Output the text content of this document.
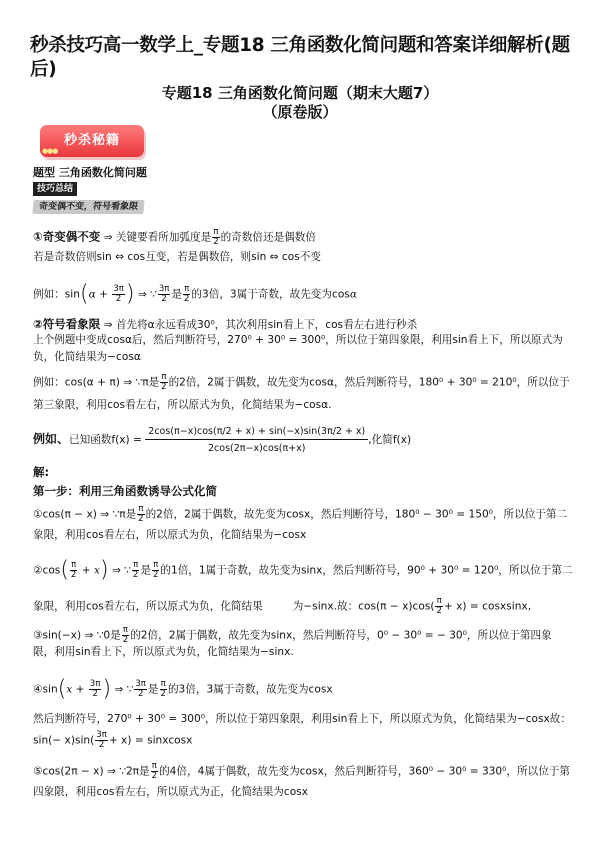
秒杀技巧高一数学上_专题18 三角函数化简问题和答案详细解析(题后)
专题18 三角函数化简问题（期末大题7）
（原卷版）
秒杀秘籍
●●●
题型 三角函数化简问题
技巧总结
奇变偶不变，符号看象限
①奇变偶不变 ⇒ 关键要看所加弧度是 $\frac{\pi}{2}$ 的奇数倍还是偶数倍
若是奇数倍则sin ⇔ cos互变，若是偶数倍，则sin ⇔ cos不变
例如：$\sin(\alpha + \frac{3\pi}{2}$ ) ⇒ ∵ $\frac{3\pi}{2}$ 是 $\frac{\pi}{2}$ 的3倍，3属于奇数，故先变为cosα
②符号看象限 ⇒ 首先将α永远看成30⁰，其次利用sin看上下，cos看左右进行秒杀
上个例题中变成cosα后，然后判断符号，270⁰ + 30⁰ = 300⁰，所以位于第四象限，利用sin看上下，所以原式为
负，化简结果为−cosα
例如：cos(α + π) ⇒ ∵π是 $\frac{\pi}{2}$ 的2倍，2属于偶数，故先变为cosα，然后判断符号，180⁰ + 30⁰ = 210⁰，所以位于
第三象限，利用cos看左右，所以原式为负，化简结果为−cosα.
例如、已知函数$f(x) = \frac{2\cos(\pi-x)\cos(\pi/2 + x) + \sin(-x)\sin(3\pi/2 + x)}{2\cos(2\pi-x)\cos(\pi+x)}$ ,化简f(x)
解:
第一步：利用三角函数诱导公式化简
①cos(π − x) ⇒ ∵π是 $\frac{\pi}{2}$ 的2倍，2属于偶数，故先变为cosx，然后判断符号，180⁰ − 30⁰ = 150⁰，所以位于第二
象限，利用cos看左右，所以原式为负，化简结果为−cosx
②cos( $\frac{\pi}{2} + x$) ⇒ ∵ $\frac{\pi}{2}$ 是 $\frac{\pi}{2}$ 的1倍，1属于奇数，故先变为sinx，然后判断符号，90⁰ + 30⁰ = 120⁰，所以位于第二
象限，利用cos看左右，所以原式为负，化简结果	为−sinx.故：$\cos(\pi - x)\cos( \frac{\pi}{2} + x)$ = cosxsinx,
③sin(−x) ⇒ ∵0是 $\frac{\pi}{2}$ 的2倍，2属于偶数，故先变为sinx，然后判断符号，0⁰ − 30⁰ = − 30⁰，所以位于第四象
限，利用sin看上下，所以原式为负，化简结果为−sinx.
④sin(x + $\frac{3\pi}{2}$ ) ⇒ ∵ $\frac{3\pi}{2}$ 是 $\frac{\pi}{2}$ 的3倍，3属于奇数，故先变为cosx
然后判断符号，270⁰ + 30⁰ = 300⁰，所以位于第四象限，利用sin看上下，所以原式为负，化简结果为−cosx故：
$\sin(- x)\sin( \frac{3\pi}{2} + x)$ = sinxcosx
⑤cos(2π − x) ⇒ ∵2π是 $\frac{\pi}{2}$ 的4倍，4属于偶数，故先变为cosx，然后判断符号，360⁰ − 30⁰ = 330⁰，所以位于第
四象限，利用cos看左右，所以原式为正，化简结果为cosx
